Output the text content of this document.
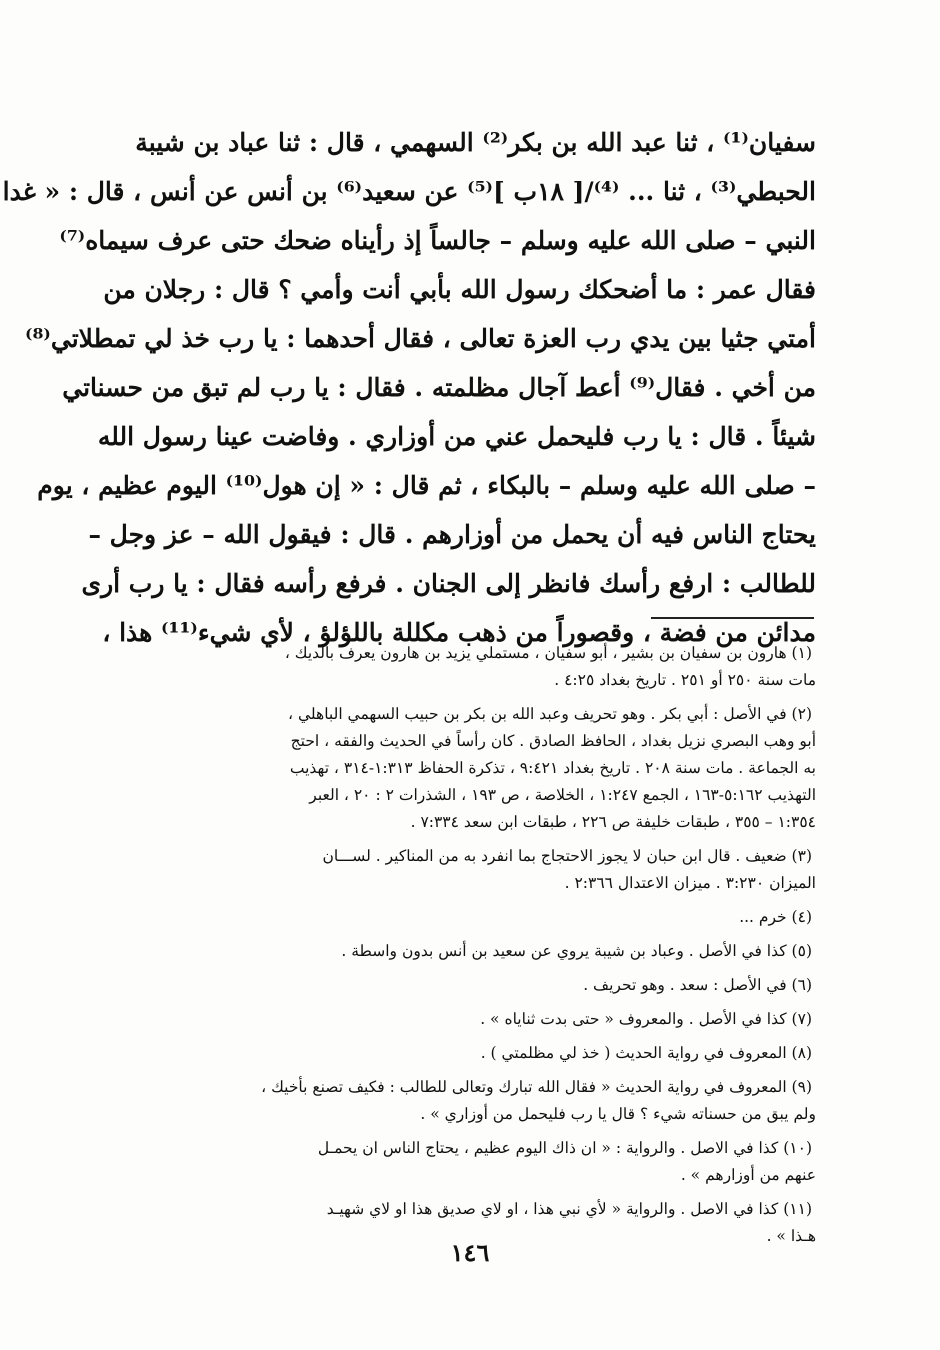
سفيان⁽¹⁾ ، ثنا عبد الله بن بكر⁽²⁾ السهمي ، قال : ثنا عباد بن شيبة
الحبطي⁽³⁾ ، ثنا ... ⁽⁴⁾/[ ١٨ب ]⁽⁵⁾ عن سعيد⁽⁶⁾ بن أنس عن أنس ، قال : « غدا
النبي – صلى الله عليه وسلم – جالساً إذ رأيناه ضحك حتى عرف سيماه⁽⁷⁾
فقال عمر : ما أضحكك رسول الله بأبي أنت وأمي ؟ قال : رجلان من
أمتي جثيا بين يدي رب العزة تعالى ، فقال أحدهما : يا رب خذ لي تمطلاتي⁽⁸⁾
من أخي . فقال⁽⁹⁾ أعط آجال مظلمته . فقال : يا رب لم تبق من حسناتي
شيئاً . قال : يا رب فليحمل عني من أوزاري . وفاضت عينا رسول الله
– صلى الله عليه وسلم – بالبكاء ، ثم قال : « إن هول⁽¹⁰⁾ اليوم عظيم ، يوم
يحتاج الناس فيه أن يحمل من أوزارهم . قال : فيقول الله – عز وجل –
للطالب : ارفع رأسك فانظر إلى الجنان . فرفع رأسه فقال : يا رب أرى
مدائن من فضة ، وقصوراً من ذهب مكللة باللؤلؤ ، لأي شيء⁽¹¹⁾ هذا ،
(١) هارون بن سفيان بن بشير ، أبو سفيان ، مستملي يزيد بن هارون يعرف بالديك ،
مات سنة ٢٥٠ أو ٢٥١ . تاريخ بغداد ٤:٢٥ .
(٢) في الأصل : أبي بكر . وهو تحريف وعبد الله بن بكر بن حبيب السهمي الباهلي ،
أبو وهب البصري نزيل بغداد ، الحافظ الصادق . كان رأساً في الحديث والفقه ، احتج
به الجماعة . مات سنة ٢٠٨ . تاريخ بغداد ٩:٤٢١ ، تذكرة الحفاظ ١:٣١٣-٣١٤ ، تهذيب
التهذيب ٥:١٦٢-١٦٣ ، الجمع ١:٢٤٧ ، الخلاصة ، ص ١٩٣ ، الشذرات ٢ : ٢٠ ، العبر
١:٣٥٤ – ٣٥٥ ، طبقات خليفة ص ٢٢٦ ، طبقات ابن سعد ٧:٣٣٤ .
(٣) ضعيف . قال ابن حبان لا يجوز الاحتجاج بما انفرد به من المناكير . لســـان
الميزان ٣:٢٣٠ . ميزان الاعتدال ٢:٣٦٦ .
(٤) خرم ...
(٥) كذا في الأصل . وعباد بن شيبة يروي عن سعيد بن أنس بدون واسطة .
(٦) في الأصل : سعد . وهو تحريف .
(٧) كذا في الأصل . والمعروف « حتى بدت ثناياه » .
(٨) المعروف في رواية الحديث ( خذ لي مظلمتي ) .
(٩) المعروف في رواية الحديث « فقال الله تبارك وتعالى للطالب : فكيف تصنع بأخيك ،
ولم يبق من حسناته شيء ؟ قال يا رب فليحمل من أوزاري » .
(١٠) كذا في الاصل . والرواية : « ان ذاك اليوم عظيم ، يحتاج الناس ان يحمـل
عنهم من أوزارهم » .
(١١) كذا في الاصل . والرواية « لأي نبي هذا ، او لاي صديق هذا او لاي شهيـد
هـذا » .
١٤٦
